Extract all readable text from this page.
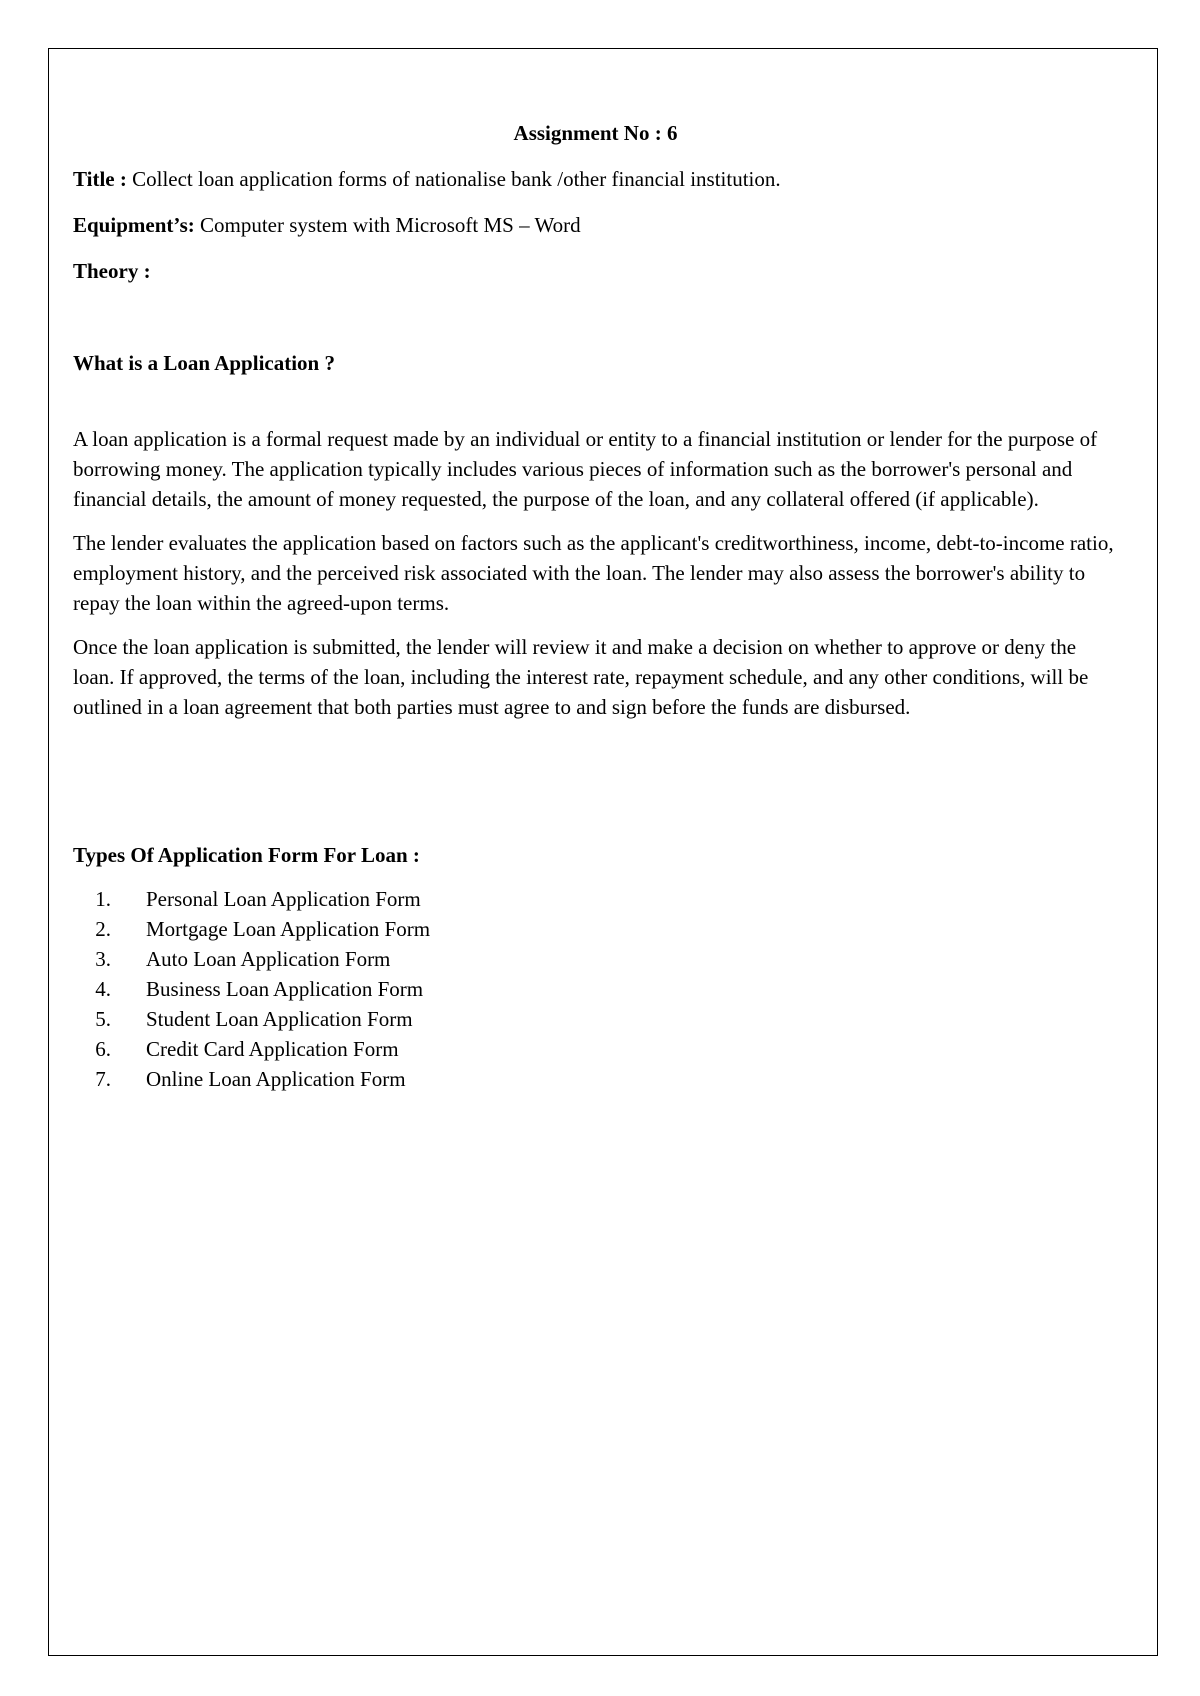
Assignment No : 6
Title : Collect loan application forms of nationalise bank /other financial institution.
Equipment’s: Computer system with Microsoft MS – Word
Theory :
What is a Loan Application ?

A loan application is a formal request made by an individual or entity to a financial institution or lender for the purpose of borrowing money. The application typically includes various pieces of information such as the borrower's personal and financial details, the amount of money requested, the purpose of the loan, and any collateral offered (if applicable).

The lender evaluates the application based on factors such as the applicant's creditworthiness, income, debt-to-income ratio, employment history, and the perceived risk associated with the loan. The lender may also assess the borrower's ability to repay the loan within the agreed-upon terms.

Once the loan application is submitted, the lender will review it and make a decision on whether to approve or deny the loan. If approved, the terms of the loan, including the interest rate, repayment schedule, and any other conditions, will be outlined in a loan agreement that both parties must agree to and sign before the funds are disbursed.

Types Of Application Form For Loan :
1. Personal Loan Application Form
2. Mortgage Loan Application Form
3. Auto Loan Application Form
4. Business Loan Application Form
5. Student Loan Application Form
6. Credit Card Application Form
7. Online Loan Application Form
